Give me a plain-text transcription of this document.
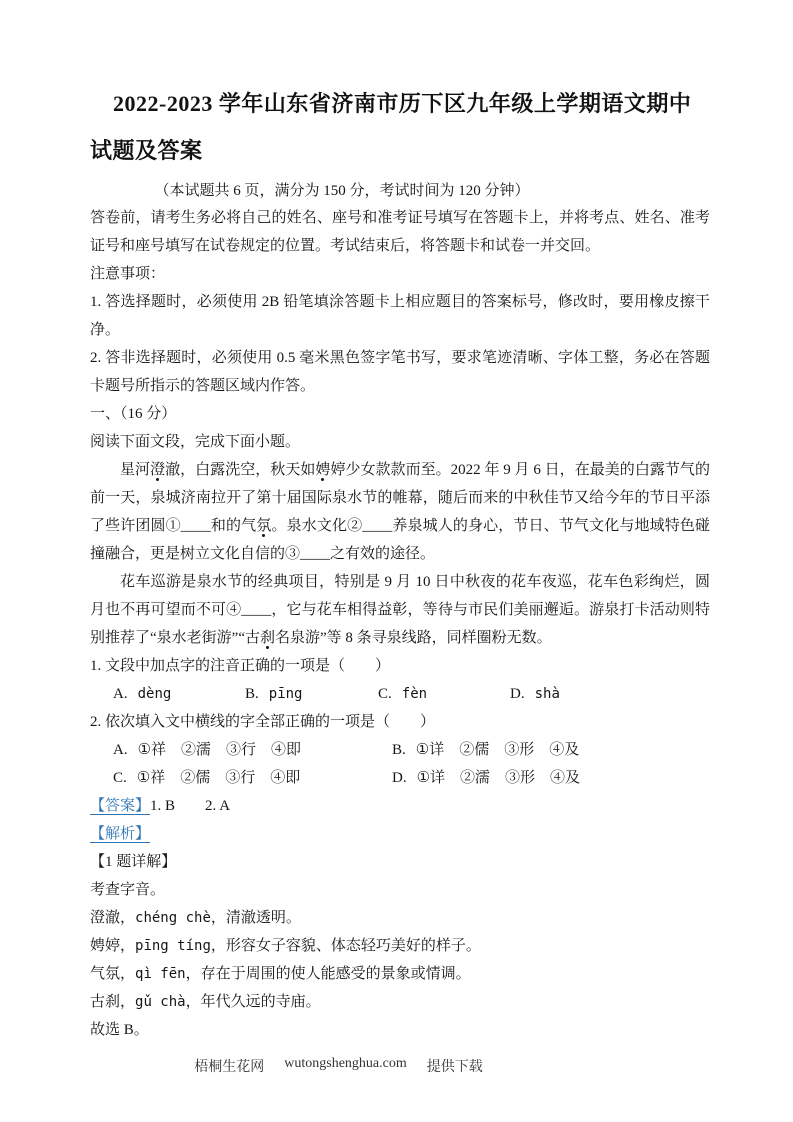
2022-2023 学年山东省济南市历下区九年级上学期语文期中
试题及答案

（本试题共 6 页，满分为 150 分，考试时间为 120 分钟）

答卷前，请考生务必将自己的姓名、座号和准考证号填写在答题卡上，并将考点、姓名、准考证号和座号填写在试卷规定的位置。考试结束后，将答题卡和试卷一并交回。

注意事项：

1. 答选择题时，必须使用 2B 铅笔填涂答题卡上相应题目的答案标号，修改时，要用橡皮擦干净。

2. 答非选择题时，必须使用 0.5 毫米黑色签字笔书写，要求笔迹清晰、字体工整，务必在答题卡题号所指示的答题区域内作答。

一、（16 分）

阅读下面文段，完成下面小题。

星河澄澈，白露洗空，秋天如娉婷少女款款而至。2022 年 9 月 6 日，在最美的白露节气的前一天，泉城济南拉开了第十届国际泉水节的帷幕，随后而来的中秋佳节又给今年的节日平添了些许团圆①____和的气氛。泉水文化②____养泉城人的身心，节日、节气文化与地域特色碰撞融合，更是树立文化自信的③____之有效的途径。

花车巡游是泉水节的经典项目，特别是 9 月 10 日中秋夜的花车夜巡，花车色彩绚烂，圆月也不再可望而不可④____，它与花车相得益彰，等待与市民们美丽邂逅。游泉打卡活动则特别推荐了“泉水老街游”“古刹名泉游”等 8 条寻泉线路，同样圈粉无数。

1. 文段中加点字的注音正确的一项是（　　）

A. dèng	B. pīng	C. fèn	D. shà

2. 依次填入文中横线的字全部正确的一项是（　　）

A. ①祥　②濡　③行　④即	B. ①详　②儒　③形　④及
C. ①祥　②儒　③行　④即	D. ①详　②濡　③形　④及

【答案】1. B　　2. A

【解析】

【1 题详解】

考查字音。

澄澈，chéng chè，清澈透明。

娉婷，pīng tíng，形容女子容貌、体态轻巧美好的样子。

气氛，qì fēn，存在于周围的使人能感受的景象或情调。

古刹，gǔ chà，年代久远的寺庙。

故选 B。

梧桐生花网 wutongshenghua.com 提供下载
